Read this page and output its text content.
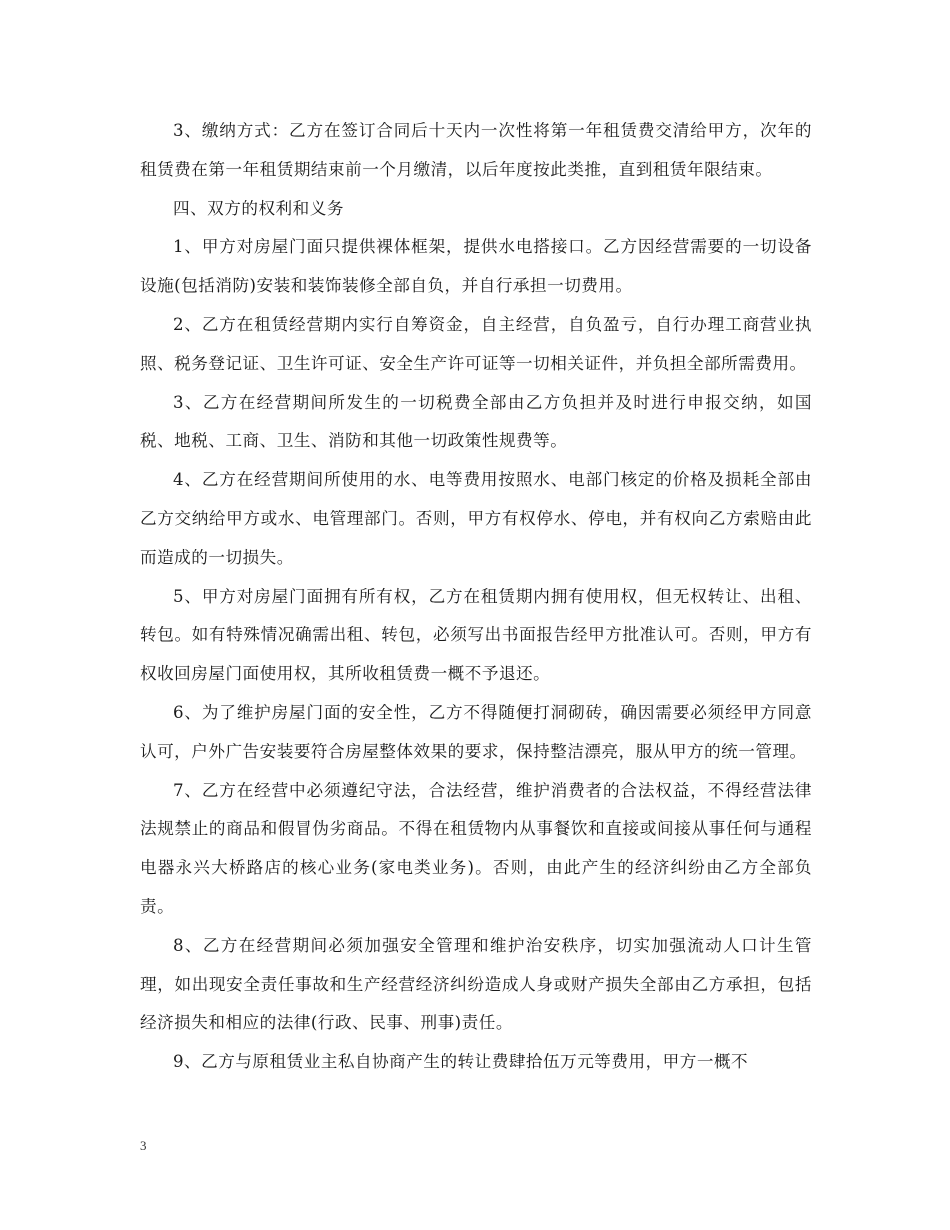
3、缴纳方式：乙方在签订合同后十天内一次性将第一年租赁费交清给甲方，次年的租赁费在第一年租赁期结束前一个月缴清，以后年度按此类推，直到租赁年限结束。

四、双方的权利和义务

1、甲方对房屋门面只提供裸体框架，提供水电搭接口。乙方因经营需要的一切设备设施(包括消防)安装和装饰装修全部自负，并自行承担一切费用。

2、乙方在租赁经营期内实行自筹资金，自主经营，自负盈亏，自行办理工商营业执照、税务登记证、卫生许可证、安全生产许可证等一切相关证件，并负担全部所需费用。

3、乙方在经营期间所发生的一切税费全部由乙方负担并及时进行申报交纳，如国税、地税、工商、卫生、消防和其他一切政策性规费等。

4、乙方在经营期间所使用的水、电等费用按照水、电部门核定的价格及损耗全部由乙方交纳给甲方或水、电管理部门。否则，甲方有权停水、停电，并有权向乙方索赔由此而造成的一切损失。

5、甲方对房屋门面拥有所有权，乙方在租赁期内拥有使用权，但无权转让、出租、转包。如有特殊情况确需出租、转包，必须写出书面报告经甲方批准认可。否则，甲方有权收回房屋门面使用权，其所收租赁费一概不予退还。

6、为了维护房屋门面的安全性，乙方不得随便打洞砌砖，确因需要必须经甲方同意认可，户外广告安装要符合房屋整体效果的要求，保持整洁漂亮，服从甲方的统一管理。

7、乙方在经营中必须遵纪守法，合法经营，维护消费者的合法权益，不得经营法律法规禁止的商品和假冒伪劣商品。不得在租赁物内从事餐饮和直接或间接从事任何与通程电器永兴大桥路店的核心业务(家电类业务)。否则，由此产生的经济纠纷由乙方全部负责。

8、乙方在经营期间必须加强安全管理和维护治安秩序，切实加强流动人口计生管理，如出现安全责任事故和生产经营经济纠纷造成人身或财产损失全部由乙方承担，包括经济损失和相应的法律(行政、民事、刑事)责任。

9、乙方与原租赁业主私自协商产生的转让费肆拾伍万元等费用，甲方一概不

3
